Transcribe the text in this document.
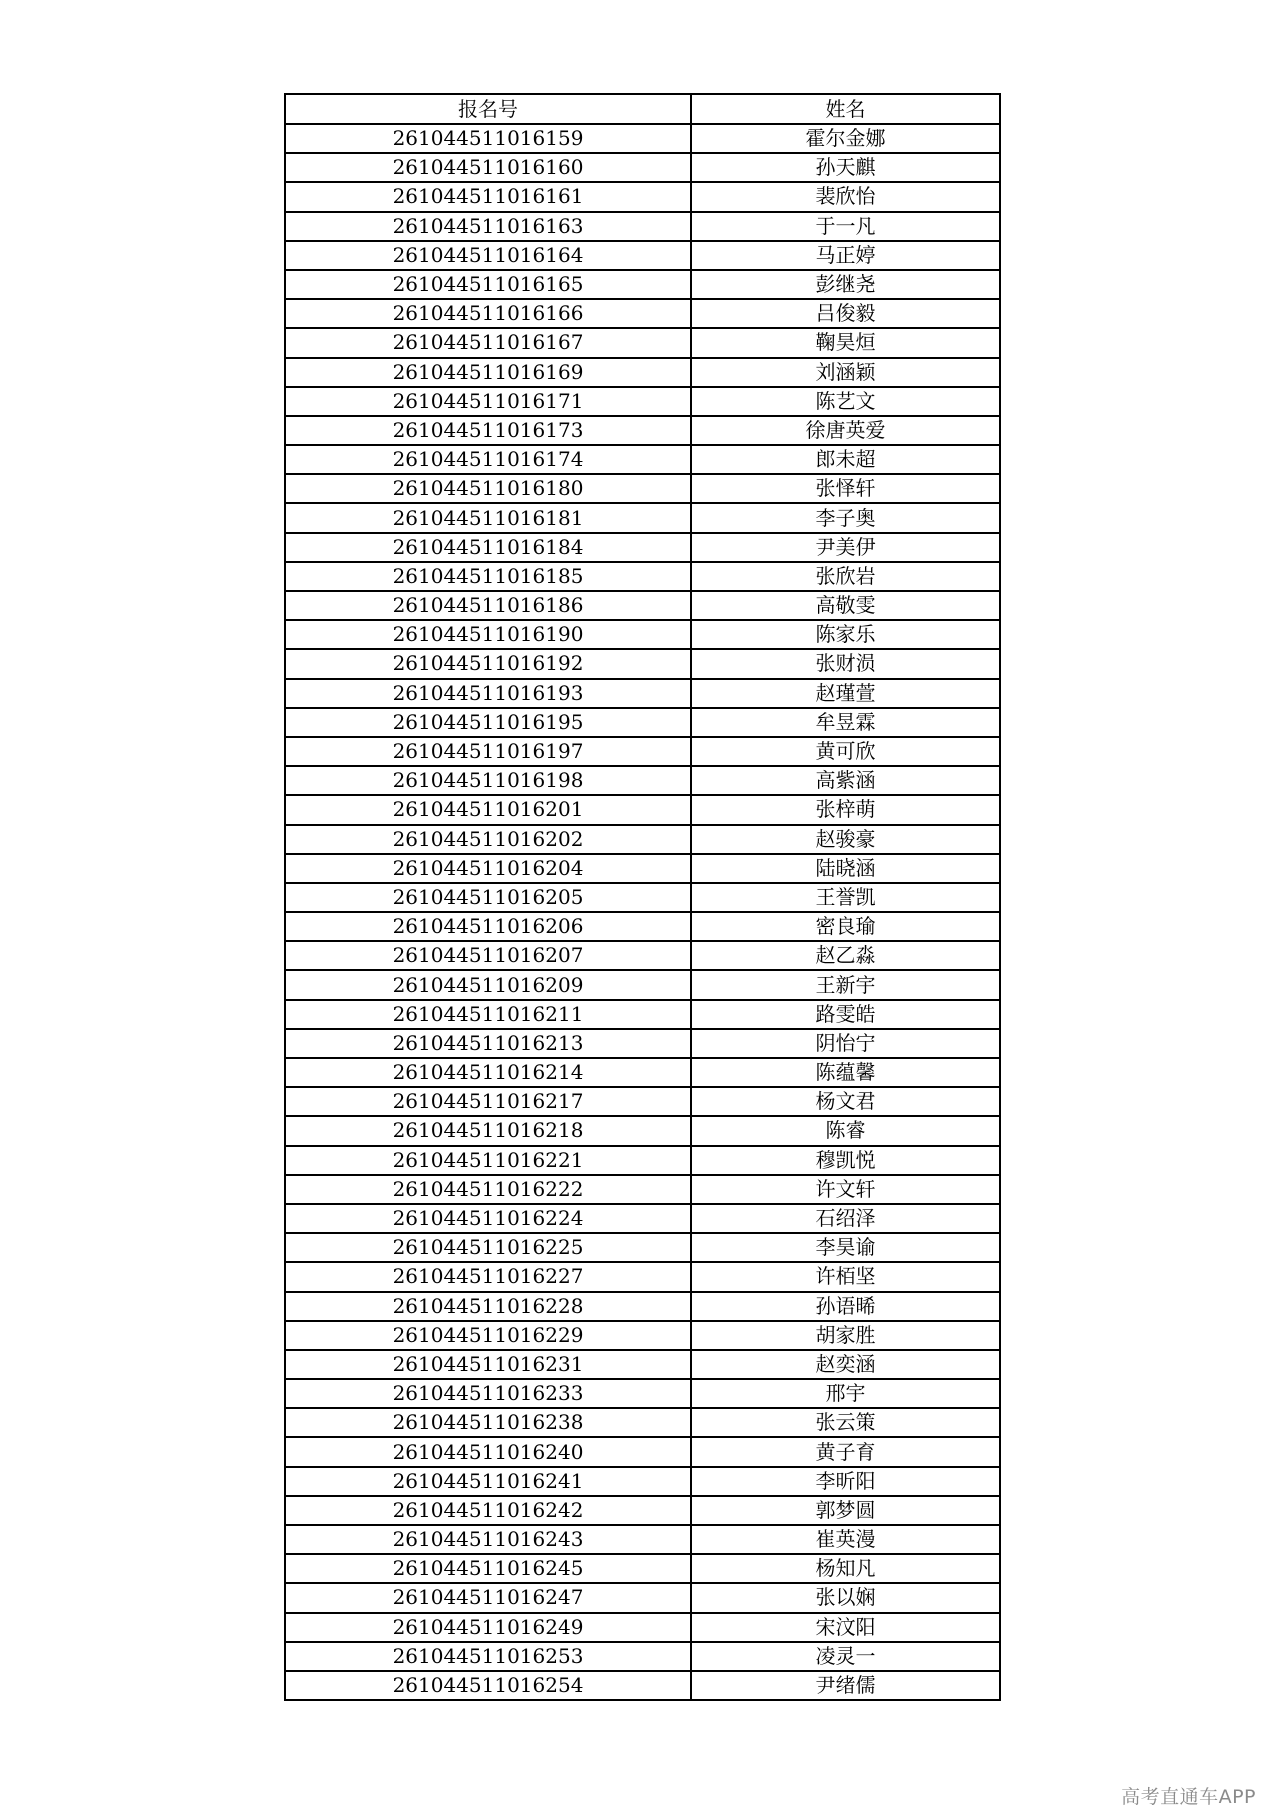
报名号	姓名
261044511016159	霍尔金娜
261044511016160	孙天麒
261044511016161	裴欣怡
261044511016163	于一凡
261044511016164	马正婷
261044511016165	彭继尧
261044511016166	吕俊毅
261044511016167	鞠昊烜
261044511016169	刘涵颖
261044511016171	陈艺文
261044511016173	徐唐英爱
261044511016174	郎未超
261044511016180	张怿轩
261044511016181	李子奥
261044511016184	尹美伊
261044511016185	张欣岩
261044511016186	高敬雯
261044511016190	陈家乐
261044511016192	张财涢
261044511016193	赵瑾萱
261044511016195	牟昱霖
261044511016197	黄可欣
261044511016198	高紫涵
261044511016201	张梓萌
261044511016202	赵骏豪
261044511016204	陆晓涵
261044511016205	王誉凯
261044511016206	密良瑜
261044511016207	赵乙淼
261044511016209	王新宇
261044511016211	路雯皓
261044511016213	阴怡宁
261044511016214	陈蕴馨
261044511016217	杨文君
261044511016218	陈睿
261044511016221	穆凯悦
261044511016222	许文轩
261044511016224	石绍泽
261044511016225	李昊谕
261044511016227	许栢坚
261044511016228	孙语晞
261044511016229	胡家胜
261044511016231	赵奕涵
261044511016233	邢宇
261044511016238	张云策
261044511016240	黄子育
261044511016241	李昕阳
261044511016242	郭梦圆
261044511016243	崔英漫
261044511016245	杨知凡
261044511016247	张以娴
261044511016249	宋汶阳
261044511016253	凌灵一
261044511016254	尹绪儒
高考直通车APP
